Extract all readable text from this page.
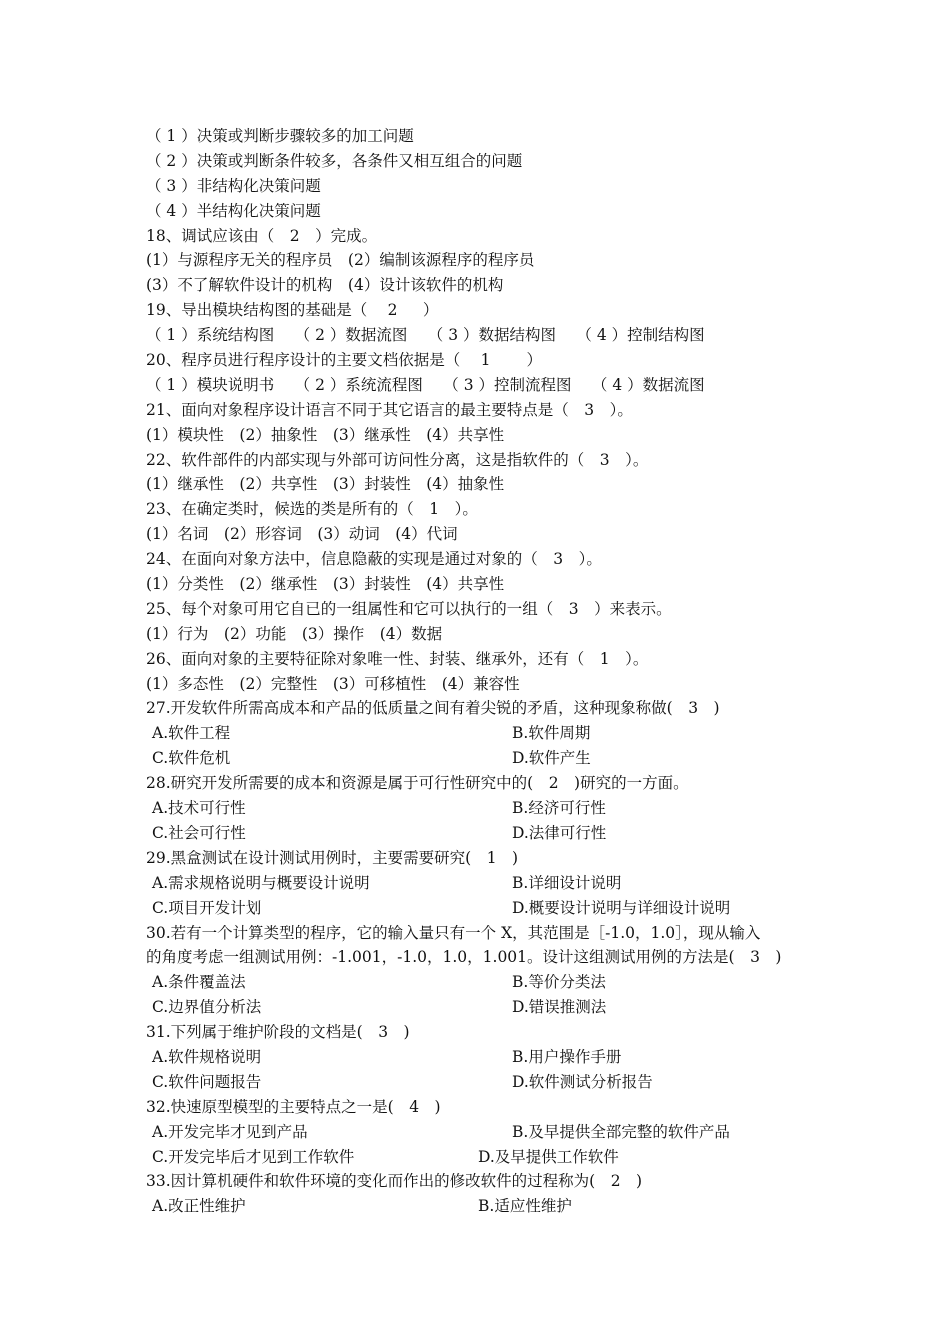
（ 1 ）决策或判断步骤较多的加工问题
（ 2 ）决策或判断条件较多，各条件又相互组合的问题
（ 3 ）非结构化决策问题
（ 4 ）半结构化决策问题
18、调试应该由（　2　）完成。
(1）与源程序无关的程序员　(2）编制该源程序的程序员
(3）不了解软件设计的机构　(4）设计该软件的机构
19、导出模块结构图的基础是（　 2 　 ）
（ 1 ）系统结构图　 （ 2 ）数据流图　 （ 3 ）数据结构图　 （ 4 ）控制结构图
20、程序员进行程序设计的主要文档依据是（　 1　 　）
（ 1 ）模块说明书　 （ 2 ）系统流程图　 （ 3 ）控制流程图　 （ 4 ）数据流图
21、面向对象程序设计语言不同于其它语言的最主要特点是（　3　）。
(1）模块性　(2）抽象性　(3）继承性　(4）共享性
22、软件部件的内部实现与外部可访问性分离，这是指软件的（　3　）。
(1）继承性　(2）共享性　(3）封装性　(4）抽象性
23、在确定类时，候选的类是所有的（　1　）。
(1）名词　(2）形容词　(3）动词　(4）代词
24、在面向对象方法中，信息隐蔽的实现是通过对象的（　3　）。
(1）分类性　(2）继承性　(3）封装性　(4）共享性
25、每个对象可用它自已的一组属性和它可以执行的一组（　3　）来表示。
(1）行为　(2）功能　(3）操作　(4）数据
26、面向对象的主要特征除对象唯一性、封装、继承外，还有（　1　）。
(1）多态性　(2）完整性　(3）可移植性　(4）兼容性
27.开发软件所需高成本和产品的低质量之间有着尖锐的矛盾，这种现象称做(　3　)
A.软件工程	B.软件周期
C.软件危机	D.软件产生
28.研究开发所需要的成本和资源是属于可行性研究中的(　2　)研究的一方面。
A.技术可行性	B.经济可行性
C.社会可行性	D.法律可行性
29.黑盒测试在设计测试用例时，主要需要研究(　1　)
A.需求规格说明与概要设计说明	B.详细设计说明
C.项目开发计划	D.概要设计说明与详细设计说明
30.若有一个计算类型的程序，它的输入量只有一个 X，其范围是［-1.0，1.0］，现从输入
的角度考虑一组测试用例：-1.001，-1.0，1.0，1.001。设计这组测试用例的方法是(　3　)
A.条件覆盖法	B.等价分类法
C.边界值分析法	D.错误推测法
31.下列属于维护阶段的文档是(　3　)
A.软件规格说明	B.用户操作手册
C.软件问题报告	D.软件测试分析报告
32.快速原型模型的主要特点之一是(　4　)
A.开发完毕才见到产品	B.及早提供全部完整的软件产品
C.开发完毕后才见到工作软件	D.及早提供工作软件
33.因计算机硬件和软件环境的变化而作出的修改软件的过程称为(　2　)
A.改正性维护	B.适应性维护
